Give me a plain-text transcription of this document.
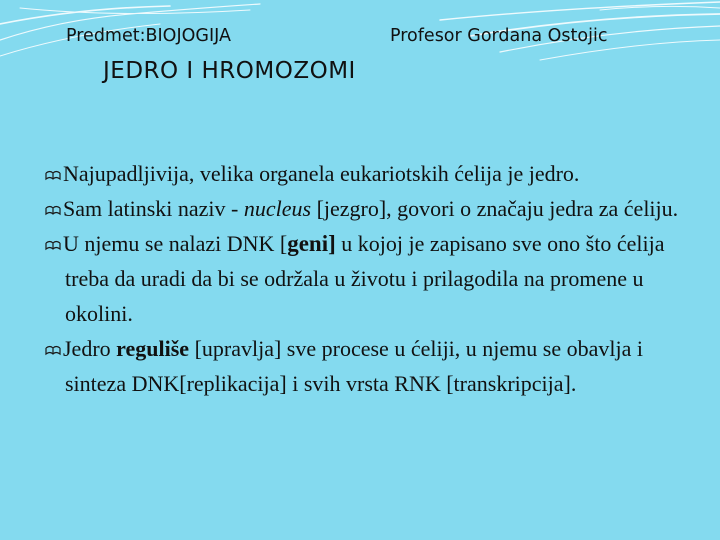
Predmet:BIOJOGIJA	Profesor Gordana Ostojic
JEDRO I HROMOZOMI
Najupadljivija, velika organela eukariotskih ćelija je jedro.
Sam latinski naziv - nucleus [jezgro], govori o značaju jedra za ćeliju.
U njemu se nalazi DNK [geni] u kojoj je zapisano sve ono što ćelija treba da uradi da bi se održala u životu i prilagodila na promene u okolini.
Jedro reguliše [upravlja] sve procese u ćeliji, u njemu se obavlja i sinteza DNK[replikacija] i svih vrsta RNK [transkripcija].
